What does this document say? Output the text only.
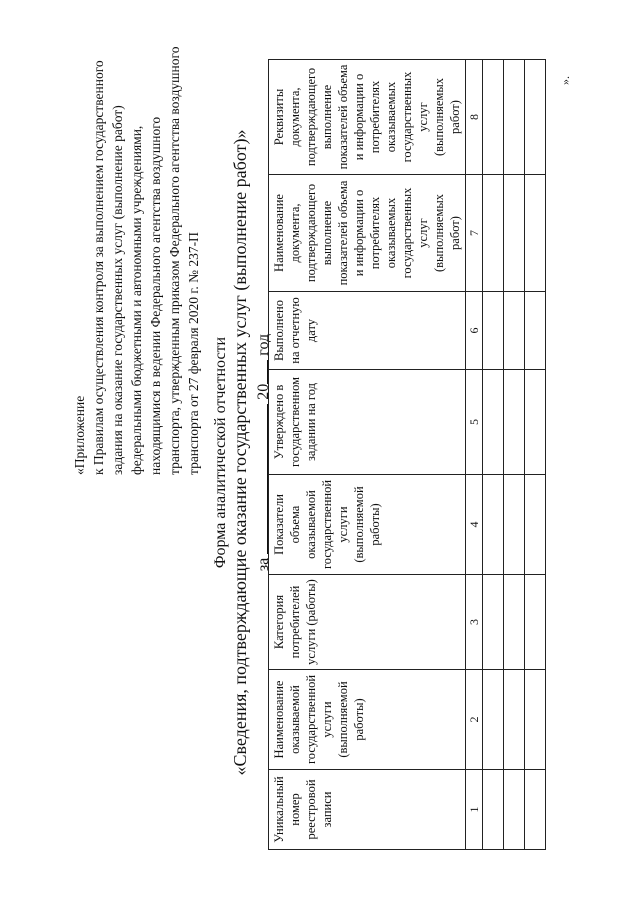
«Приложение к Правилам осуществления контроля за выполнением государственного задания на оказание государственных услуг (выполнение работ) федеральными бюджетными и автономными учреждениями, находящимися в ведении Федерального агентства воздушного транспорта, утвержденным приказом Федерального агентства воздушного транспорта от 27 февраля 2020 г. № 237-П Форма аналитической отчетности «Сведения, подтверждающие оказание государственных услуг (выполнение работ)» за  20 год
Уникальный номер реестровой записи	Наименование оказываемой государственной услуги (выполняемой работы)	Категория потребителей услуги (работы)	Показатели объема оказываемой государственной услуги (выполняемой работы)	Утверждено в государственном задании на год	Выполнено на отчетную дату	Наименование документа, подтверждающего выполнение показателей объема и информации о потребителях оказываемых государственных услуг (выполняемых работ)	Реквизиты документа, подтверждающего выполнение показателей объема и информации о потребителях оказываемых государственных услуг (выполняемых работ)
1	2	3	4	5	6	7	8

».
